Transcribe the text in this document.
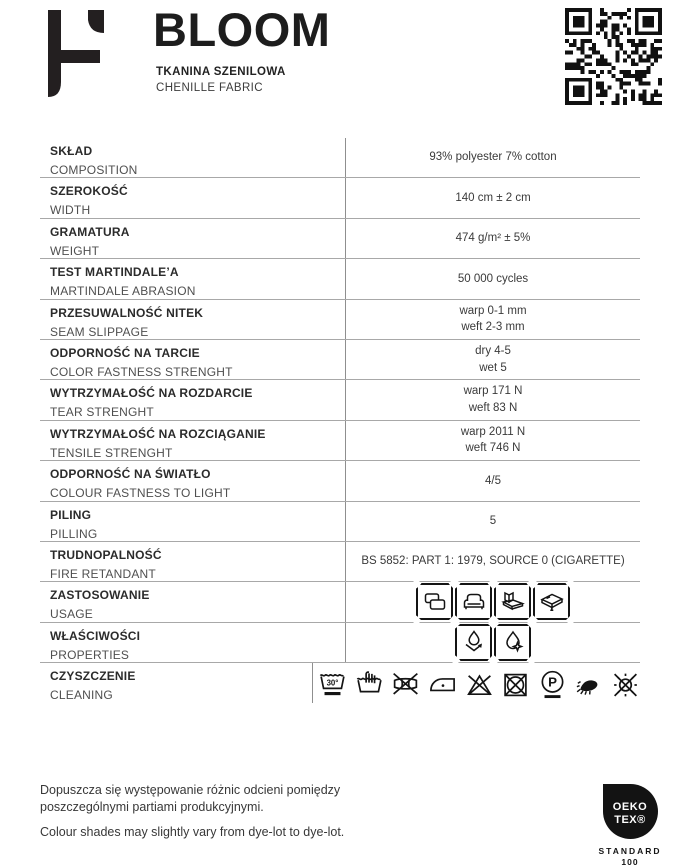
BLOOM
TKANINA SZENILOWA
CHENILLE FABRIC
SKŁAD
COMPOSITION
93% polyester 7% cotton
SZEROKOŚĆ
WIDTH
140 cm ± 2 cm
GRAMATURA
WEIGHT
474 g/m² ± 5%
TEST MARTINDALE’A
MARTINDALE ABRASION
50 000 cycles
PRZESUWALNOŚĆ NITEK
SEAM SLIPPAGE
warp 0-1 mm
weft 2-3 mm
ODPORNOŚĆ NA TARCIE
COLOR FASTNESS STRENGHT
dry 4-5
wet 5
WYTRZYMAŁOŚĆ NA ROZDARCIE
TEAR STRENGHT
warp 171 N
weft 83 N
WYTRZYMAŁOŚĆ NA ROZCIĄGANIE
TENSILE STRENGHT
warp 2011 N
weft 746 N
ODPORNOŚĆ NA ŚWIATŁO
COLOUR FASTNESS TO LIGHT
4/5
PILING
PILLING
5
TRUDNOPALNOŚĆ
FIRE RETANDANT
BS 5852: PART 1: 1979, SOURCE 0 (CIGARETTE)
ZASTOSOWANIE
USAGE
WŁAŚCIWOŚCI
PROPERTIES
CZYSZCZENIE
CLEANING
30°	P

Dopuszcza się występowanie różnic odcieni pomiędzy poszczególnymi partiami produkcyjnymi.

Colour shades may slightly vary from dye-lot to dye-lot.

OEKO
TEX®
STANDARD
100
